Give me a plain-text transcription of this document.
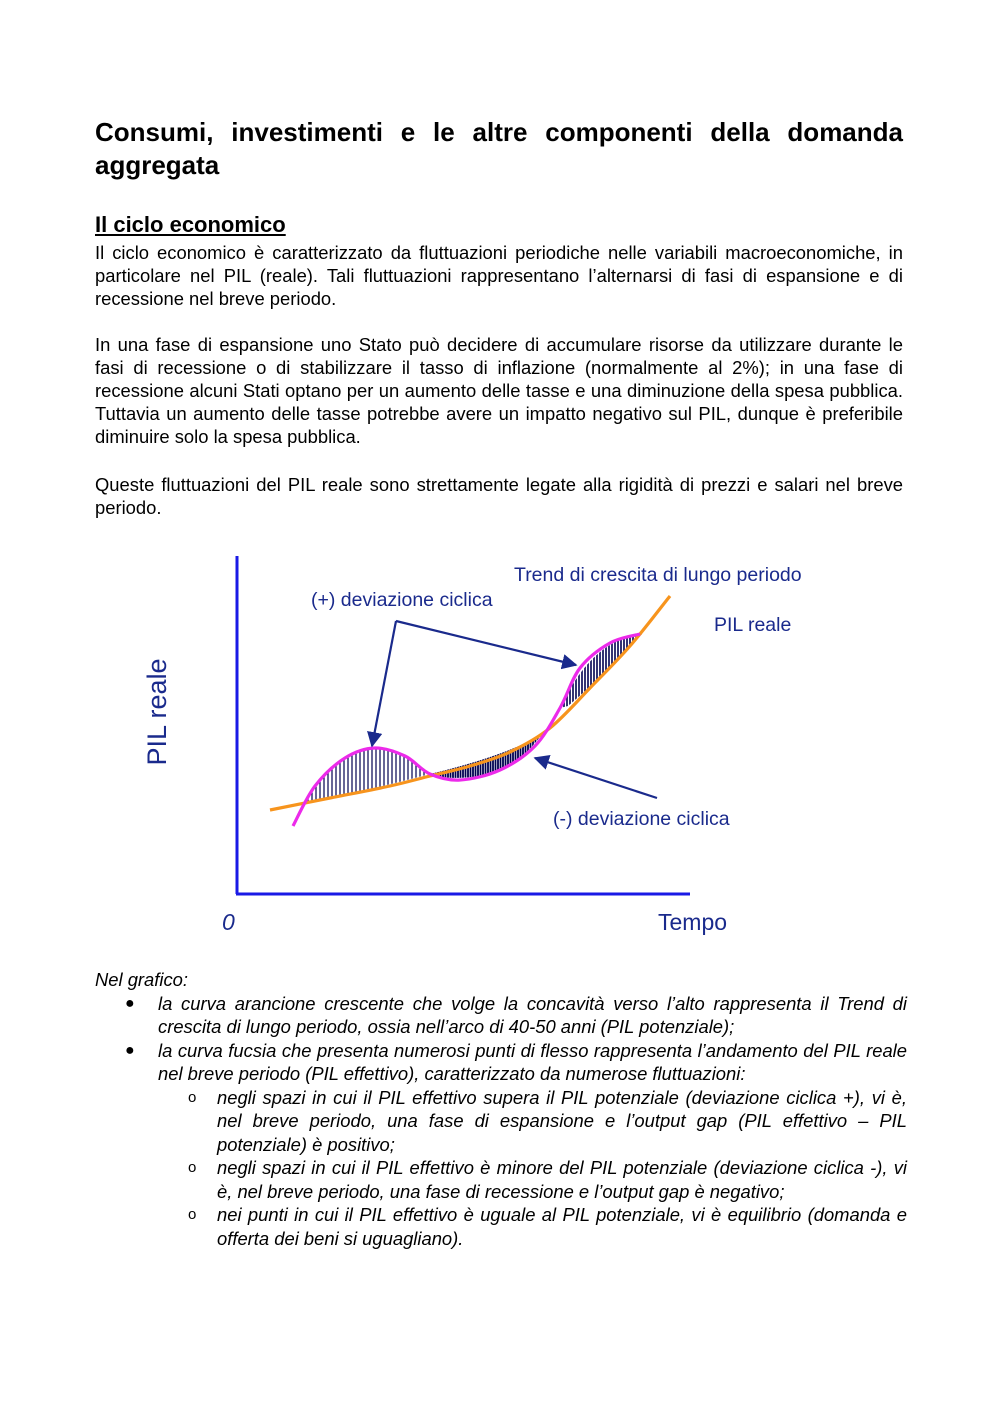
Consumi, investimenti e le altre componenti della domanda aggregata
Il ciclo economico

Il ciclo economico è caratterizzato da fluttuazioni periodiche nelle variabili macroeconomiche, in particolare nel PIL (reale). Tali fluttuazioni rappresentano l’alternarsi di fasi di espansione e di recessione nel breve periodo.

In una fase di espansione uno Stato può decidere di accumulare risorse da utilizzare durante le fasi di recessione o di stabilizzare il tasso di inflazione (normalmente al 2%); in una fase di recessione alcuni Stati optano per un aumento delle tasse e una diminuzione della spesa pubblica. Tuttavia un aumento delle tasse potrebbe avere un impatto negativo sul PIL, dunque è preferibile diminuire solo la spesa pubblica.

Queste fluttuazioni del PIL reale sono strettamente legate alla rigidità di prezzi e salari nel breve periodo.

PIL reale
Tempo
0
Trend di crescita di lungo periodo
PIL reale
(+) deviazione ciclica
(-) deviazione ciclica

Nel grafico:

● la curva arancione crescente che volge la concavità verso l’alto rappresenta il Trend di crescita di lungo periodo, ossia nell’arco di 40-50 anni (PIL potenziale);
● la curva fucsia che presenta numerosi punti di flesso rappresenta l’andamento del PIL reale nel breve periodo (PIL effettivo), caratterizzato da numerose fluttuazioni:
o negli spazi in cui il PIL effettivo supera il PIL potenziale (deviazione ciclica +), vi è, nel breve periodo, una fase di espansione e l’output gap (PIL effettivo – PIL potenziale) è positivo;
o negli spazi in cui il PIL effettivo è minore del PIL potenziale (deviazione ciclica -), vi è, nel breve periodo, una fase di recessione e l’output gap è negativo;
o nei punti in cui il PIL effettivo è uguale al PIL potenziale, vi è equilibrio (domanda e offerta dei beni si uguagliano).
